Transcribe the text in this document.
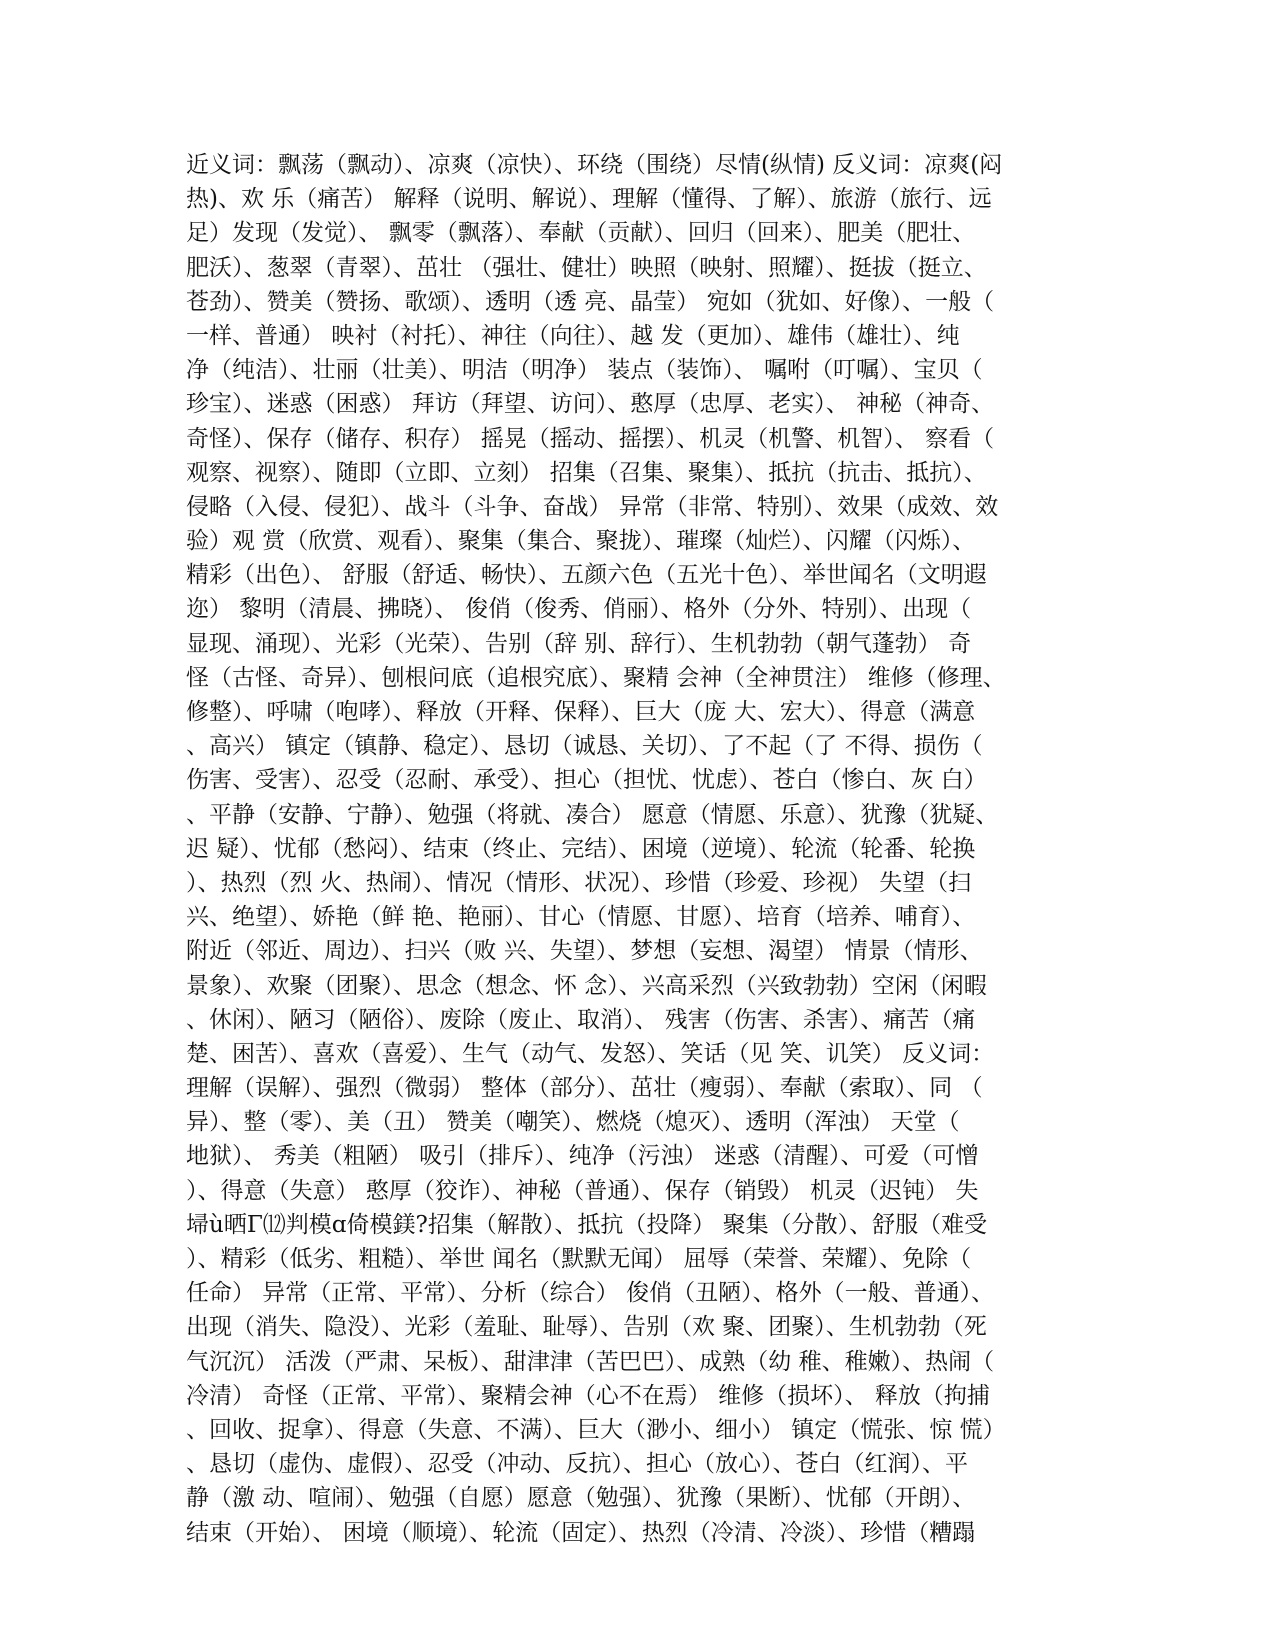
近义词：飘荡（飘动）、凉爽（凉快）、环绕（围绕）尽情(纵情) 反义词：凉爽(闷
热)、欢 乐（痛苦） 解释（说明、解说）、理解（懂得、了解）、旅游（旅行、远
足）发现（发觉）、 飘零（飘落）、奉献（贡献）、回归（回来）、肥美（肥壮、
肥沃）、葱翠（青翠）、茁壮 （强壮、健壮）映照（映射、照耀）、挺拔（挺立、
苍劲）、赞美（赞扬、歌颂）、透明（透 亮、晶莹） 宛如（犹如、好像）、一般（
一样、普通） 映衬（衬托）、神往（向往）、越 发（更加）、雄伟（雄壮）、纯
净（纯洁）、壮丽（壮美）、明洁（明净） 装点（装饰）、 嘱咐（叮嘱）、宝贝（
珍宝）、迷惑（困惑） 拜访（拜望、访问）、憨厚（忠厚、老实）、 神秘（神奇、
奇怪）、保存（储存、积存） 摇晃（摇动、摇摆）、机灵（机警、机智）、 察看（
观察、视察）、随即（立即、立刻） 招集（召集、聚集）、抵抗（抗击、抵抗）、
侵略（入侵、侵犯）、战斗（斗争、奋战） 异常（非常、特别）、效果（成效、效
验）观 赏（欣赏、观看）、聚集（集合、聚拢）、璀璨（灿烂）、闪耀（闪烁）、
精彩（出色）、 舒服（舒适、畅快）、五颜六色（五光十色）、举世闻名（文明遐
迩） 黎明（清晨、拂晓）、 俊俏（俊秀、俏丽）、格外（分外、特别）、出现（
显现、涌现）、光彩（光荣）、告别（辞 别、辞行）、生机勃勃（朝气蓬勃） 奇
怪（古怪、奇异）、刨根问底（追根究底）、聚精 会神（全神贯注） 维修（修理、
修整）、呼啸（咆哮）、释放（开释、保释）、巨大（庞 大、宏大）、得意（满意
、高兴） 镇定（镇静、稳定）、恳切（诚恳、关切）、了不起（了 不得、损伤（
伤害、受害）、忍受（忍耐、承受）、担心（担忧、忧虑）、苍白（惨白、灰 白）
、平静（安静、宁静）、勉强（将就、凑合） 愿意（情愿、乐意）、犹豫（犹疑、
迟 疑）、忧郁（愁闷）、结束（终止、完结）、困境（逆境）、轮流（轮番、轮换
）、热烈（烈 火、热闹）、情况（情形、状况）、珍惜（珍爱、珍视） 失望（扫
兴、绝望）、娇艳（鲜 艳、艳丽）、甘心（情愿、甘愿）、培育（培养、哺育）、
附近（邻近、周边）、扫兴（败 兴、失望）、梦想（妄想、渴望） 情景（情形、
景象）、欢聚（团聚）、思念（想念、怀 念）、兴高采烈（兴致勃勃）空闲（闲暇
、休闲）、陋习（陋俗）、废除（废止、取消）、 残害（伤害、杀害）、痛苦（痛
楚、困苦）、喜欢（喜爱）、生气（动气、发怒）、笑话（见 笑、讥笑） 反义词：
理解（误解）、强烈（微弱） 整体（部分）、茁壮（瘦弱）、奉献（索取）、同 （
异）、整（零）、美（丑） 赞美（嘲笑）、燃烧（熄灭）、透明（浑浊） 天堂（
地狱）、 秀美（粗陋） 吸引（排斥）、纯净（污浊） 迷惑（清醒）、可爱（可憎
）、得意（失意） 憨厚（狡诈）、神秘（普通）、保存（销毁） 机灵（迟钝） 失
埽ù晒Γ⑿判模ɑ倚模鎂?招集（解散）、抵抗（投降） 聚集（分散）、舒服（难受
）、精彩（低劣、粗糙）、举世 闻名（默默无闻） 屈辱（荣誉、荣耀）、免除（
任命） 异常（正常、平常）、分析（综合） 俊俏（丑陋）、格外（一般、普通）、
出现（消失、隐没）、光彩（羞耻、耻辱）、告别（欢 聚、团聚）、生机勃勃（死
气沉沉） 活泼（严肃、呆板）、甜津津（苦巴巴）、成熟（幼 稚、稚嫩）、热闹（
冷清） 奇怪（正常、平常）、聚精会神（心不在焉） 维修（损坏）、 释放（拘捕
、回收、捉拿）、得意（失意、不满）、巨大（渺小、细小） 镇定（慌张、惊 慌）
、恳切（虚伪、虚假）、忍受（冲动、反抗）、担心（放心）、苍白（红润）、平
静（激 动、喧闹）、勉强（自愿）愿意（勉强）、犹豫（果断）、忧郁（开朗）、
结束（开始）、 困境（顺境）、轮流（固定）、热烈（冷清、冷淡）、珍惜（糟蹋
